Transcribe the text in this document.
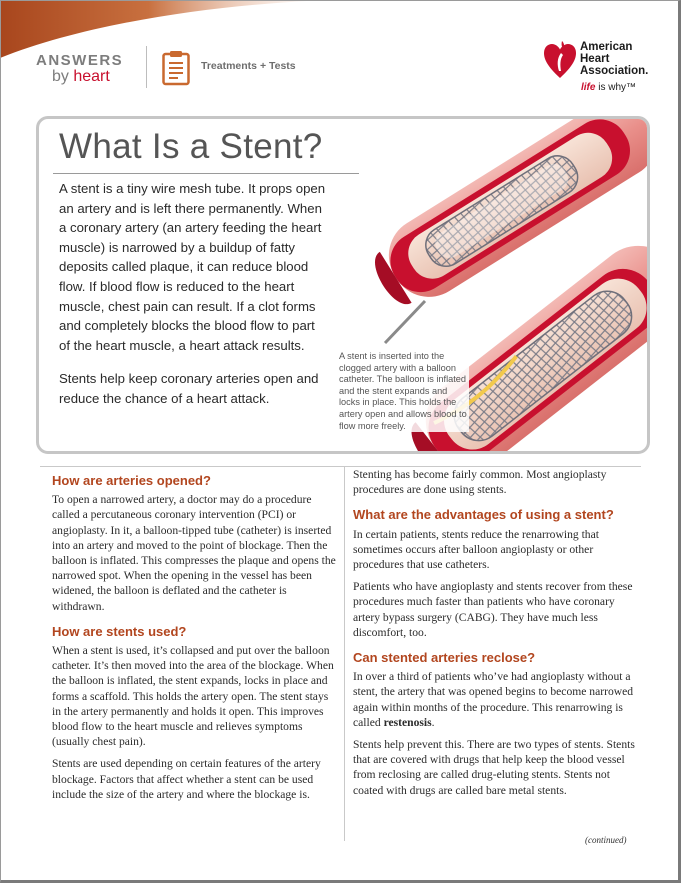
ANSWERS
by heart
Treatments + Tests
American
Heart
Association.
life is why™
What Is a Stent?

A stent is a tiny wire mesh tube. It props open an artery and is left there permanently. When a coronary artery (an artery feeding the heart muscle) is narrowed by a buildup of fatty deposits called plaque, it can reduce blood flow. If blood flow is reduced to the heart muscle, chest pain can result. If a clot forms and completely blocks the blood flow to part of the heart muscle, a heart attack results.

Stents help keep coronary arteries open and reduce the chance of a heart attack.

A stent is inserted into the clogged artery with a balloon catheter. The balloon is inflated and the stent expands and locks in place. This holds the artery open and allows blood to flow more freely.
How are arteries opened?

To open a narrowed artery, a doctor may do a procedure called a percutaneous coronary intervention (PCI) or angioplasty. In it, a balloon-tipped tube (catheter) is inserted into an artery and moved to the point of blockage. Then the balloon is inflated. This compresses the plaque and opens the narrowed spot. When the opening in the vessel has been widened, the balloon is deflated and the catheter is withdrawn.

How are stents used?

When a stent is used, it’s collapsed and put over the balloon catheter. It’s then moved into the area of the blockage. When the balloon is inflated, the stent expands, locks in place and forms a scaffold. This holds the artery open. The stent stays in the artery permanently and holds it open. This improves blood flow to the heart muscle and relieves symptoms (usually chest pain).

Stents are used depending on certain features of the artery blockage. Factors that affect whether a stent can be used include the size of the artery and where the blockage is.

Stenting has become fairly common. Most angioplasty procedures are done using stents.

What are the advantages of using a stent?

In certain patients, stents reduce the renarrowing that sometimes occurs after balloon angioplasty or other procedures that use catheters.

Patients who have angioplasty and stents recover from these procedures much faster than patients who have coronary artery bypass surgery (CABG). They have much less discomfort, too.

Can stented arteries reclose?

In over a third of patients who’ve had angioplasty without a stent, the artery that was opened begins to become narrowed again within months of the procedure. This renarrowing is called restenosis.

Stents help prevent this. There are two types of stents. Stents that are covered with drugs that help keep the blood vessel from reclosing are called drug-eluting stents. Stents not coated with drugs are called bare metal stents.

(continued)
